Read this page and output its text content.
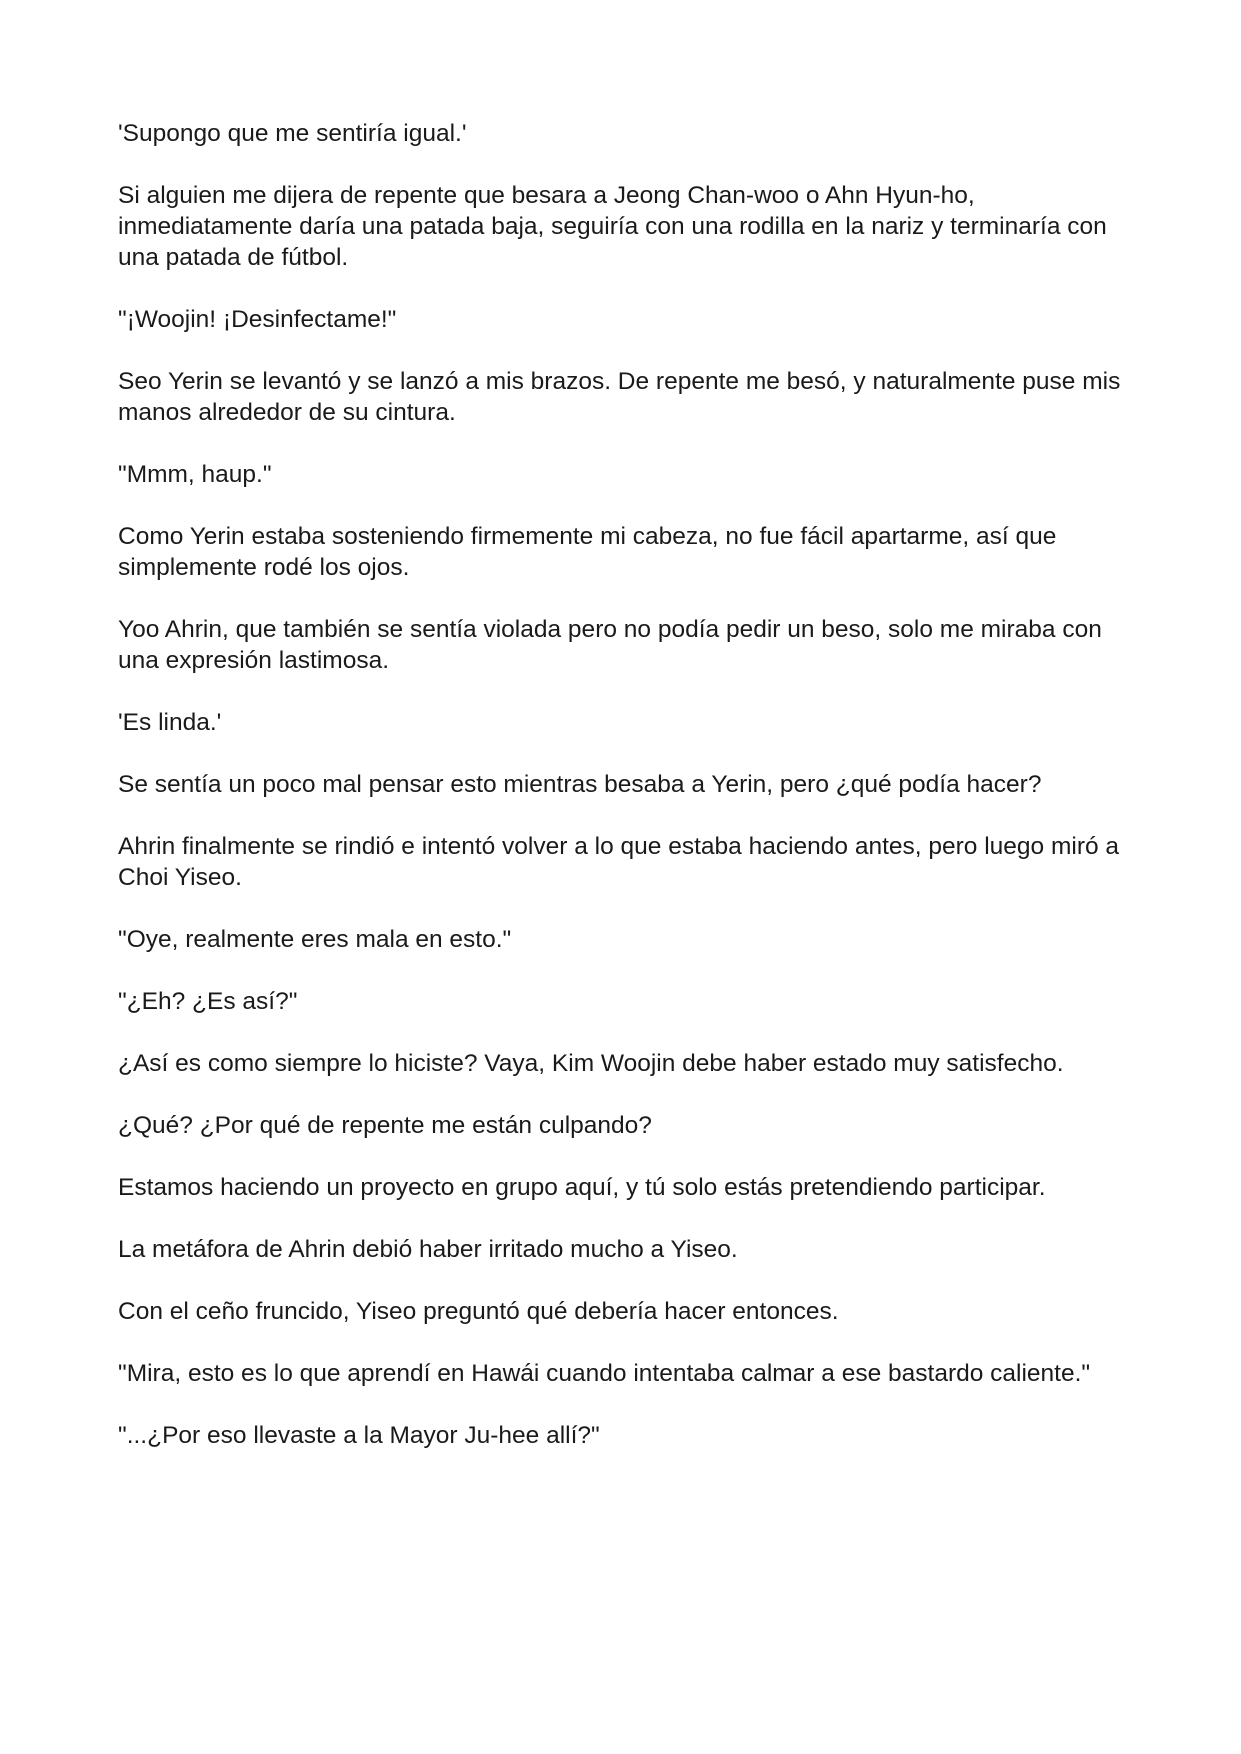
'Supongo que me sentiría igual.'

Si alguien me dijera de repente que besara a Jeong Chan-woo o Ahn Hyun-ho, inmediatamente daría una patada baja, seguiría con una rodilla en la nariz y terminaría con una patada de fútbol.

"¡Woojin! ¡Desinfectame!"

Seo Yerin se levantó y se lanzó a mis brazos. De repente me besó, y naturalmente puse mis manos alrededor de su cintura.

"Mmm, haup."

Como Yerin estaba sosteniendo firmemente mi cabeza, no fue fácil apartarme, así que simplemente rodé los ojos.

Yoo Ahrin, que también se sentía violada pero no podía pedir un beso, solo me miraba con una expresión lastimosa.

'Es linda.'

Se sentía un poco mal pensar esto mientras besaba a Yerin, pero ¿qué podía hacer?

Ahrin finalmente se rindió e intentó volver a lo que estaba haciendo antes, pero luego miró a Choi Yiseo.

"Oye, realmente eres mala en esto."

"¿Eh? ¿Es así?"

¿Así es como siempre lo hiciste? Vaya, Kim Woojin debe haber estado muy satisfecho.

¿Qué? ¿Por qué de repente me están culpando?

Estamos haciendo un proyecto en grupo aquí, y tú solo estás pretendiendo participar.

La metáfora de Ahrin debió haber irritado mucho a Yiseo.

Con el ceño fruncido, Yiseo preguntó qué debería hacer entonces.

"Mira, esto es lo que aprendí en Hawái cuando intentaba calmar a ese bastardo caliente."

"...¿Por eso llevaste a la Mayor Ju-hee allí?"
